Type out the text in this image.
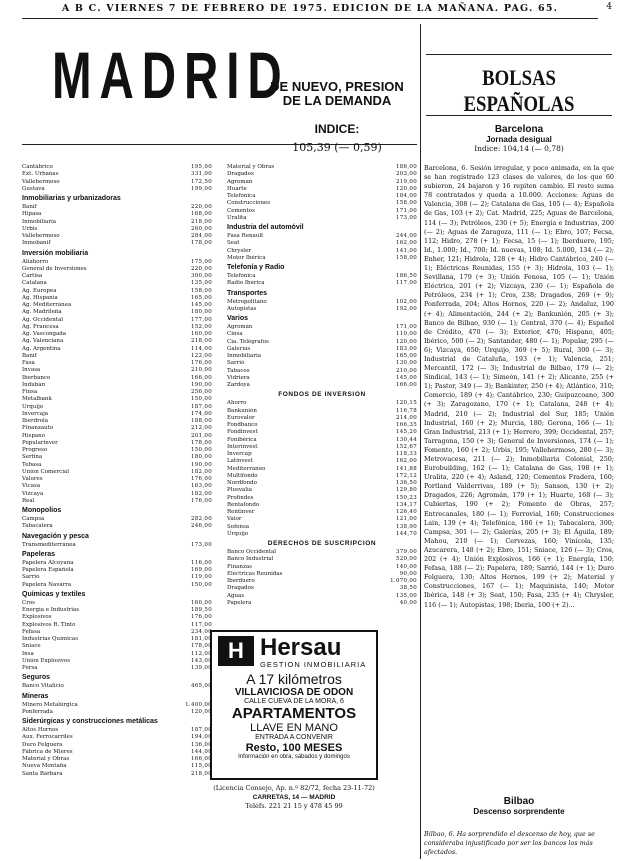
A B C. VIERNES 7 DE FEBRERO DE 1975. EDICION DE LA MAÑANA. PAG. 65.	4
MADRID
DE NUEVO, PRESION DE LA DEMANDA
INDICE:
105,39 (— 0,59)
Cantábrico	195,00
Ext. Urbanas	331,00
Vallehermoso	172,50
Gustava	199,00
Inmobiliarias y urbanizadoras
Banif	220,00
Hipasa	168,00
Inmobiliaria	218,00
Urbis	260,00
Vallehermoso	284,00
Inmobanif	178,00
Inversión mobiliaria
Aliahorro	175,00
General de Inversiones	220,00
Cartisa	300,00
Catalana	135,00
Ag. Europea	158,00
Ag. Hispania	165,00
Ag. Mediterránea	145,00
Ag. Madrileña	180,00
Ag. Occidental	177,00
Ag. Francesa	152,00
Ag. Vascongada	160,00
Ag. Valenciana	218,00
Ag. Argentina	114,00
Banif	122,00
Fasa	176,00
Invasa	210,00
Iberbanco	166,00
Indubán	190,00
Finsa	256,00
Metalbank	150,00
Urquijo	187,00
Invercaja	174,00
Iberdrola	188,00
Finanzauto	212,00
Hispano	201,00
Popularinver	178,00
Progreso	150,00
Serfina	180,00
Tebasa	190,00
Unión Comercial	182,00
Valores	176,00
Vicasa	163,00
Vizcaya	182,00
Real	176,00
Monopolios
Campsa	282,00
Tabacalera	246,00
Navegación y pesca
Transmediterránea	173,00
Papeleras
Papelera Alcoyana	116,00
Papelera Española	169,00
Sarrió	119,00
Papelera Navarra	150,00
Químicas y textiles
Cros	160,00
Energía e Industrias	189,50
Explosivos	176,00
Explosivos R. Tinto	117,00
Fefasa	234,00
Industrias Químicas	181,00
Sniace	178,00
Insa	112,00
Unión Explosivos	143,00
Fersa	139,00
Seguros
Banco Vitalicio	465,00
Mineras
Minero Metalúrgica	1.400,00
Ponferrada	120,00
Siderúrgicas y construcciones metálicas
Altos Hornos	187,00
Aux. Ferrocarriles	194,00
Duro Felguera	136,00
Fábrica de Mieres	144,00
Material y Obras	166,00
Nueva Montaña	115,00
Santa Bárbara	218,00
Material y Obras	186,00
Dragados	203,00
Agroman	219,00
Huarte	120,00
Telefónica	184,00
Construcciones	158,00
Cementos	171,00
Uralita	173,00
Industria del automóvil
Fasa Renault	244,00
Seat	162,00
Chrysler	141,00
Motor Ibérica	158,00
Telefonía y Radio
Telefónica	186,50
Radio Ibérica	117,00
Transportes
Metropolitano	102,00
Autopistas	192,00
Varios
Agromán	171,00
Cinsa	110,00
Cía. Telégrafos	120,00
Galerías	183,00
Inmobiliaria	165,00
Sarrió	130,00
Tabacos	210,00
Vidriera	145,00
Zardoya	166,00
FONDOS DE INVERSION
Ahorro	120,15
Bankunión	116,78
Eurovalor	214,00
Fondbanco	166,35
Fondinvest	145,20
Fonibérica	130,44
Interinvest	152,67
Invercap	118,33
Latinvest	162,00
Mediterráneo	141,88
Multifondo	172,12
Nordfondo	136,50
Plusvalía	129,80
Profindes	150,23
Rentafondo	134,17
Rentinver	126,40
Valor	121,00
Sofonsa	138,90
Urquijo	144,70
DERECHOS DE SUSCRIPCION
Banco Occidental	379,00
Banco Industrial	520,00
Finanzas	140,00
Eléctricas Reunidas	90,00
Iberduero	1.070,00
Dragados	38,50
Aguas	135,00
Papelera	40,00
H Hersau
GESTION INMOBILIARIA
A 17 kilómetros
VILLAVICIOSA DE ODON
CALLE CUEVA DE LA MORA, 6
APARTAMENTOS
LLAVE EN MANO
ENTRADA A CONVENIR
Resto, 100 MESES
Información en obra, sábados y domingos
(Licencia Consejo, Ap. n.º 82/72, fecha 23-11-72)
CARRETAS, 14 — MADRID
Teléfs. 221 21 15 y 478 45 99
BOLSAS ESPAÑOLAS
Barcelona
Jornada desigual
Indice: 104,14 (— 0,78)
Barcelona, 6. Sesión irregular, y poco animada, en la que se han registrado 123 clases de valores, de los que 60 subieron, 24 bajaron y 16 repiten cambio. El resto suma 78 contratados y queda a 10.000. Acciones: Aguas de Valencia, 308 (— 2); Catalana de Gas, 105 (— 4); Española de Gas, 103 (+ 2); Cat. Madrid, 225; Aguas de Barcelona, 114 (— 3); Petróleos, 230 (+ 5); Energía e Industrias, 200 (— 2); Aguas de Zaragoza, 111 (— 1); Ebro, 107; Fecsa, 112; Hidro, 278 (+ 1); Fecsa, 15 (— 1); Iberduero, 195; Id., 1.000; Id., 700; Id. nuevas, 108; Id. 5.000, 134 (— 2); Enher, 121; Hidrola, 128 (+ 4); Hidro Cantábrico, 240 (— 1); Eléctricas Reunidas, 155 (+ 3); Hidrola, 103 (— 1); Sevillana, 179 (+ 3); Unión Fenosa, 105 (— 1); Unión Eléctrica, 201 (+ 2); Vizcaya, 230 (— 1); Española de Petróleos, 234 (+ 1); Cros, 238; Dragados, 269 (+ 9); Ponferrada, 204; Altos Hornos, 220 (— 2); Andaluz, 190 (+ 4); Alimentación, 244 (+ 2); Bankunión, 205 (+ 3); Banco de Bilbao, 930 (— 1); Central, 370 (— 4); Español de Crédito, 470 (— 3); Exterior, 470; Hispano, 405; Ibérico, 500 (— 2); Santander, 480 (— 1); Popular, 295 (— 6); Vizcaya, 650; Urquijo, 369 (+ 5); Rural, 300 (— 3); Industrial de Cataluña, 193 (+ 1); Valencia, 251; Mercantil, 172 (— 3); Industrial de Bilbao, 179 (— 2); Sindical, 143 (— 1); Simeón, 141 (+ 2); Alicante, 255 (+ 1); Pastor, 349 (— 3); Bankinter, 250 (+ 4); Atlántico, 310; Comercio, 189 (+ 4); Cantábrico, 230; Guipuzcoano, 300 (+ 3); Zaragozano, 170 (+ 1); Catalana, 248 (+ 4); Madrid, 210 (— 2); Industrial del Sur, 185; Unión Industrial, 160 (+ 2); Murcia, 180; Gerona, 166 (— 1); Gran Industrial, 213 (+ 1); Herrero, 399; Occidental, 257; Tarragona, 150 (+ 3); General de Inversiones, 174 (— 1); Fomento, 160 (+ 2); Urbis, 195; Vallehermoso, 280 (— 3); Metrovacesa, 211 (— 2); Inmobiliaria Colonial, 250; Eurobuilding, 162 (— 1); Catalana de Gas, 198 (+ 1); Uralita, 220 (+ 4); Asland, 120; Cementos Fradera, 160; Portland Valderrivas, 189 (+ 5); Sanson, 130 (+ 2); Dragados, 226; Agromán, 179 (+ 1); Huarte, 168 (— 3); Cubiertas, 190 (+ 2); Fomento de Obras, 257; Entrecanales, 180 (— 1); Ferrovial, 160; Construcciones Lain, 139 (+ 4); Telefónica, 186 (+ 1); Tabacalera, 300; Campsa, 301 (— 2); Galerías, 205 (+ 3); El Águila, 189; Mahou, 210 (— 1); Cervezas, 160; Vinícola, 135; Azucarera, 148 (+ 2); Ebro, 151; Sniace, 126 (— 3); Cros, 202 (+ 4); Unión Explosivos, 166 (+ 1); Energía, 150; Fefasa, 188 (— 2); Papelera, 189; Sarrió, 144 (+ 1); Duro Felguera, 130; Altos Hornos, 199 (+ 2); Material y Construcciones, 167 (— 1); Maquinista, 140; Motor Ibérica, 148 (+ 3); Seat, 150; Fasa, 235 (+ 4); Chrysler, 116 (— 1); Autopistas, 198; Iberia, 100 (+ 2)...
Bilbao
Descenso sorprendente
Bilbao, 6. Ha sorprendido el descenso de hoy, que se consideraba injustificado por ser los bancos los más afectados.
